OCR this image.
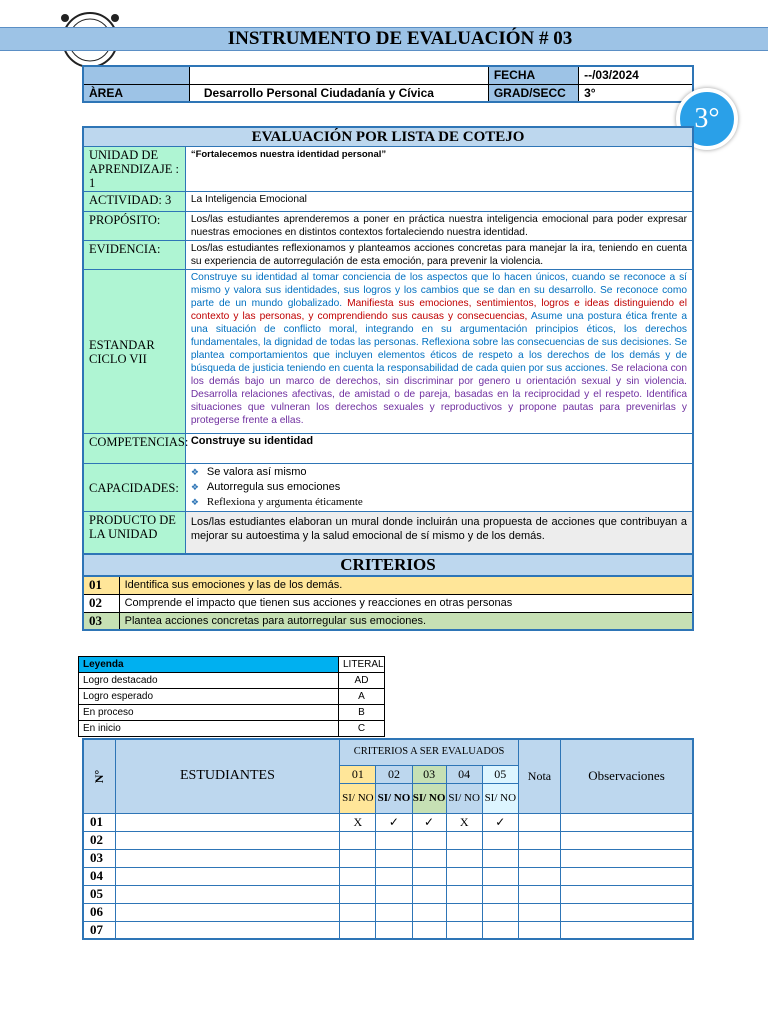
INSTRUMENTO DE EVALUACIÓN # 03
		FECHA	--/03/2024
ÀREA	Desarrollo Personal Ciudadanía y Cívica	GRAD/SECC	3°
3°
EVALUACIÓN POR LISTA DE COTEJO	
UNIDAD DE APRENDIZAJE : 1	“Fortalecemos nuestra identidad personal”
ACTIVIDAD: 3	La Inteligencia Emocional
PROPÓSITO:	Los/las estudiantes aprenderemos a poner en práctica nuestra inteligencia emocional para poder expresar nuestras emociones en distintos contextos fortaleciendo nuestra identidad.
EVIDENCIA:	Los/las estudiantes reflexionamos y planteamos acciones concretas para manejar la ira, teniendo en cuenta su experiencia de autorregulación de esta emoción, para prevenir la violencia.
ESTANDAR CICLO VII	Construye su identidad al tomar conciencia de los aspectos que lo hacen únicos, cuando se reconoce a sí mismo y valora sus identidades, sus logros y los cambios que se dan en su desarrollo. Se reconoce como parte de un mundo globalizado. Manifiesta sus emociones, sentimientos, logros e ideas distinguiendo el contexto y las personas, y comprendiendo sus causas y consecuencias, Asume una postura ética frente a una situación de conflicto moral, integrando en su argumentación principios éticos, los derechos fundamentales, la dignidad de todas las personas. Reflexiona sobre las consecuencias de sus decisiones. Se plantea comportamientos que incluyen elementos éticos de respeto a los derechos de los demás y de búsqueda de justicia teniendo en cuenta la responsabilidad de cada quien por sus acciones. Se relaciona con los demás bajo un marco de derechos, sin discriminar por genero u orientación sexual y sin violencia. Desarrolla relaciones afectivas, de amistad o de pareja, basadas en la reciprocidad y el respeto. Identifica situaciones que vulneran los derechos sexuales y reproductivos y propone pautas para prevenirlas y protegerse frente a ellas.
COMPETENCIAS:	Construye su identidad
CAPACIDADES:	❖ Se valora así mismo
❖ Autorregula sus emociones
❖ Reflexiona y argumenta éticamente

PRODUCTO DE LA UNIDAD	Los/las estudiantes elaboran un mural donde incluirán una propuesta de acciones que contribuyan a mejorar su autoestima y la salud emocional de sí mismo y de los demás.
CRITERIOS
01	Identifica sus emociones y las de los demás.
02	Comprende el impacto que tienen sus acciones y reacciones en otras personas
03	Plantea acciones concretas para autorregular sus emociones.
Leyenda	LITERAL
Logro destacado	AD
Logro esperado	A
En proceso	B
En inicio	C
N°	ESTUDIANTES	CRITERIOS A SER EVALUADOS					Nota	Observaciones
		01	02	03	04	05		
		SI/ NO	SI/ NO	SI/ NO	SI/ NO	SI/ NO		
01		X	✓	✓	X	✓		
02								
03								
04								
05								
06								
07								
